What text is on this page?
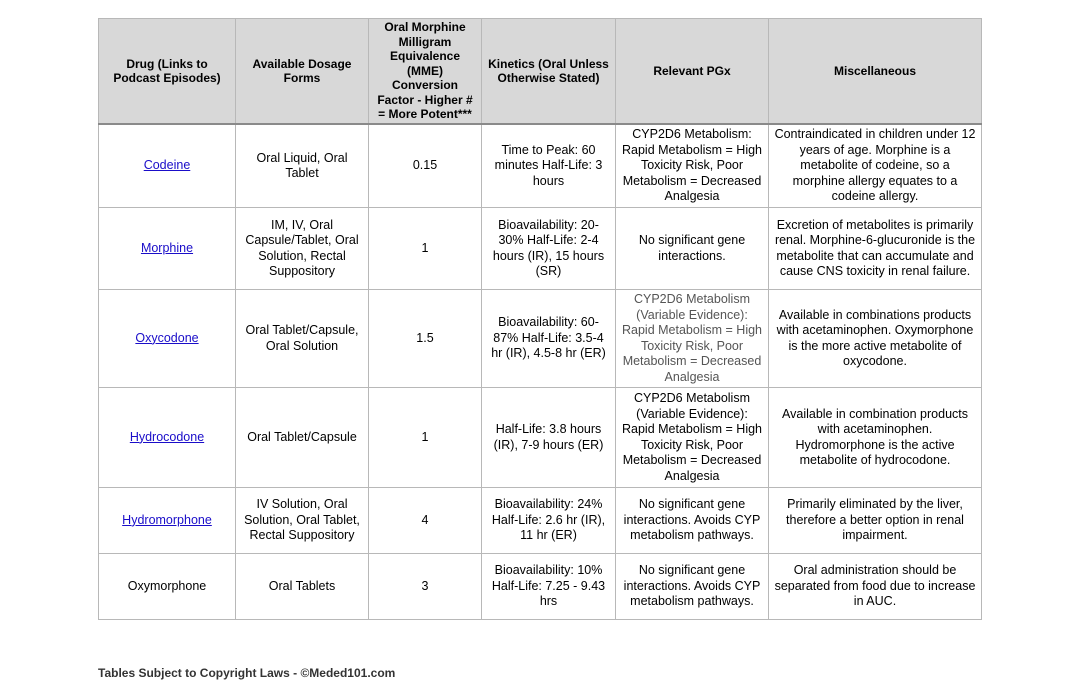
Drug (Links to Podcast Episodes)	Available Dosage Forms	Oral Morphine Milligram Equivalence (MME) Conversion Factor - Higher # = More Potent***	Kinetics (Oral Unless Otherwise Stated)	Relevant PGx	Miscellaneous
Codeine	Oral Liquid, Oral Tablet	0.15	Time to Peak: 60 minutes Half-Life: 3 hours	CYP2D6 Metabolism: Rapid Metabolism = High Toxicity Risk, Poor Metabolism = Decreased Analgesia	Contraindicated in children under 12 years of age. Morphine is a metabolite of codeine, so a morphine allergy equates to a codeine allergy.
Morphine	IM, IV, Oral Capsule/Tablet, Oral Solution, Rectal Suppository	1	Bioavailability: 20-30% Half-Life: 2-4 hours (IR), 15 hours (SR)	No significant gene interactions.	Excretion of metabolites is primarily renal. Morphine-6-glucuronide is the metabolite that can accumulate and cause CNS toxicity in renal failure.
Oxycodone	Oral Tablet/Capsule, Oral Solution	1.5	Bioavailability: 60-87% Half-Life: 3.5-4 hr (IR), 4.5-8 hr (ER)	CYP2D6 Metabolism (Variable Evidence): Rapid Metabolism = High Toxicity Risk, Poor Metabolism = Decreased Analgesia	Available in combinations products with acetaminophen. Oxymorphone is the more active metabolite of oxycodone.
Hydrocodone	Oral Tablet/Capsule	1	Half-Life: 3.8 hours (IR), 7-9 hours (ER)	CYP2D6 Metabolism (Variable Evidence): Rapid Metabolism = High Toxicity Risk, Poor Metabolism = Decreased Analgesia	Available in combination products with acetaminophen. Hydromorphone is the active metabolite of hydrocodone.
Hydromorphone	IV Solution, Oral Solution, Oral Tablet, Rectal Suppository	4	Bioavailability: 24% Half-Life: 2.6 hr (IR), 11 hr (ER)	No significant gene interactions. Avoids CYP metabolism pathways.	Primarily eliminated by the liver, therefore a better option in renal impairment.
Oxymorphone	Oral Tablets	3	Bioavailability: 10% Half-Life: 7.25 - 9.43 hrs	No significant gene interactions. Avoids CYP metabolism pathways.	Oral administration should be separated from food due to increase in AUC.
Tables Subject to Copyright Laws - ©Meded101.com
